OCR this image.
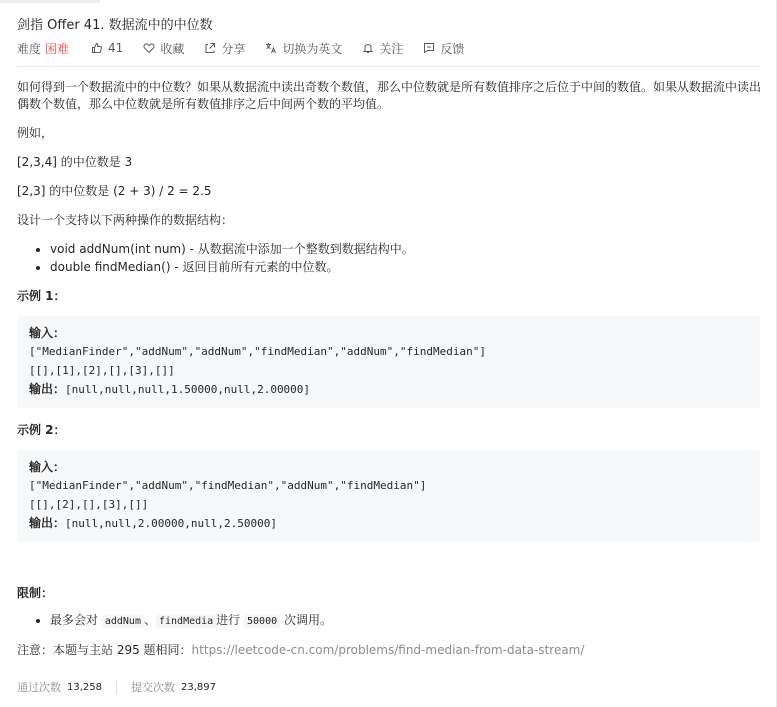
剑指 Offer 41. 数据流中的中位数
难度 困难	41	收藏	分享	切换为英文	关注	反馈
如何得到一个数据流中的中位数？如果从数据流中读出奇数个数值，那么中位数就是所有数值排序之后位于中间的数值。如果从数据流中读出偶数个数值，那么中位数就是所有数值排序之后中间两个数的平均值。
例如，
[2,3,4] 的中位数是 3
[2,3] 的中位数是 (2 + 3) / 2 = 2.5
设计一个支持以下两种操作的数据结构：
• void addNum(int num) - 从数据流中添加一个整数到数据结构中。
• double findMedian() - 返回目前所有元素的中位数。
示例 1：
输入：
["MedianFinder","addNum","addNum","findMedian","addNum","findMedian"]
[[],[1],[2],[],[3],[]]
输出：[null,null,null,1.50000,null,2.00000]
示例 2：
输入：
["MedianFinder","addNum","findMedian","addNum","findMedian"]
[[],[2],[],[3],[]]
输出：[null,null,2.00000,null,2.50000]
限制：
• 最多会对 addNum 、 findMedia 进行 50000 次调用。
注意：本题与主站 295 题相同：https://leetcode-cn.com/problems/find-median-from-data-stream/
通过次数 13,258	提交次数 23,897
